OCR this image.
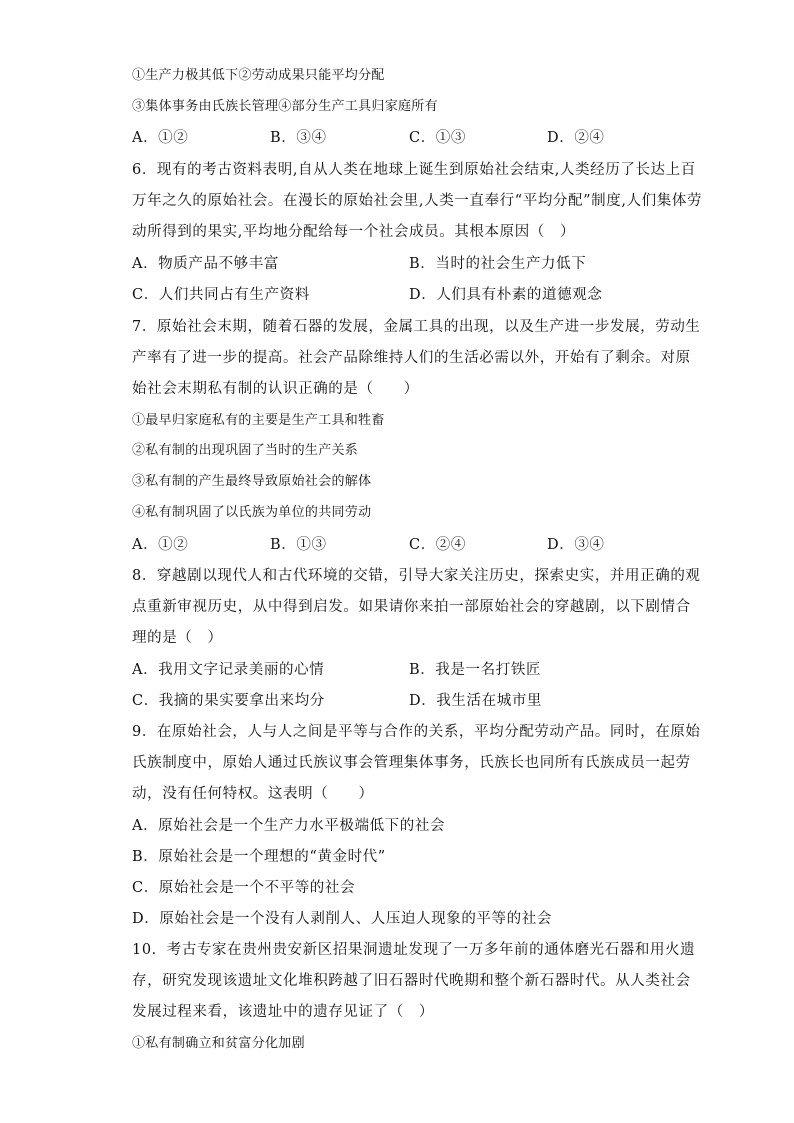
①生产力极其低下②劳动成果只能平均分配
③集体事务由氏族长管理④部分生产工具归家庭所有
A．①②	B．③④	C．①③	D．②④
6．现有的考古资料表明,自从人类在地球上诞生到原始社会结束,人类经历了长达上百
万年之久的原始社会。在漫长的原始社会里,人类一直奉行“平均分配”制度,人们集体劳
动所得到的果实,平均地分配给每一个社会成员。其根本原因（　）
A．物质产品不够丰富	B．当时的社会生产力低下
C．人们共同占有生产资料	D．人们具有朴素的道德观念
7．原始社会末期，随着石器的发展，金属工具的出现，以及生产进一步发展，劳动生
产率有了进一步的提高。社会产品除维持人们的生活必需以外，开始有了剩余。对原
始社会末期私有制的认识正确的是（　　）
①最早归家庭私有的主要是生产工具和牲畜
②私有制的出现巩固了当时的生产关系
③私有制的产生最终导致原始社会的解体
④私有制巩固了以氏族为单位的共同劳动
A．①②	B．①③	C．②④	D．③④
8．穿越剧以现代人和古代环境的交错，引导大家关注历史，探索史实，并用正确的观
点重新审视历史，从中得到启发。如果请你来拍一部原始社会的穿越剧，以下剧情合
理的是（　）
A．我用文字记录美丽的心情	B．我是一名打铁匠
C．我摘的果实要拿出来均分	D．我生活在城市里
9．在原始社会，人与人之间是平等与合作的关系，平均分配劳动产品。同时，在原始
氏族制度中，原始人通过氏族议事会管理集体事务，氏族长也同所有氏族成员一起劳
动，没有任何特权。这表明（　　）
A．原始社会是一个生产力水平极端低下的社会
B．原始社会是一个理想的“黄金时代”
C．原始社会是一个不平等的社会
D．原始社会是一个没有人剥削人、人压迫人现象的平等的社会
10．考古专家在贵州贵安新区招果洞遗址发现了一万多年前的通体磨光石器和用火遗
存，研究发现该遗址文化堆积跨越了旧石器时代晚期和整个新石器时代。从人类社会
发展过程来看，该遗址中的遗存见证了（　）
①私有制确立和贫富分化加剧
